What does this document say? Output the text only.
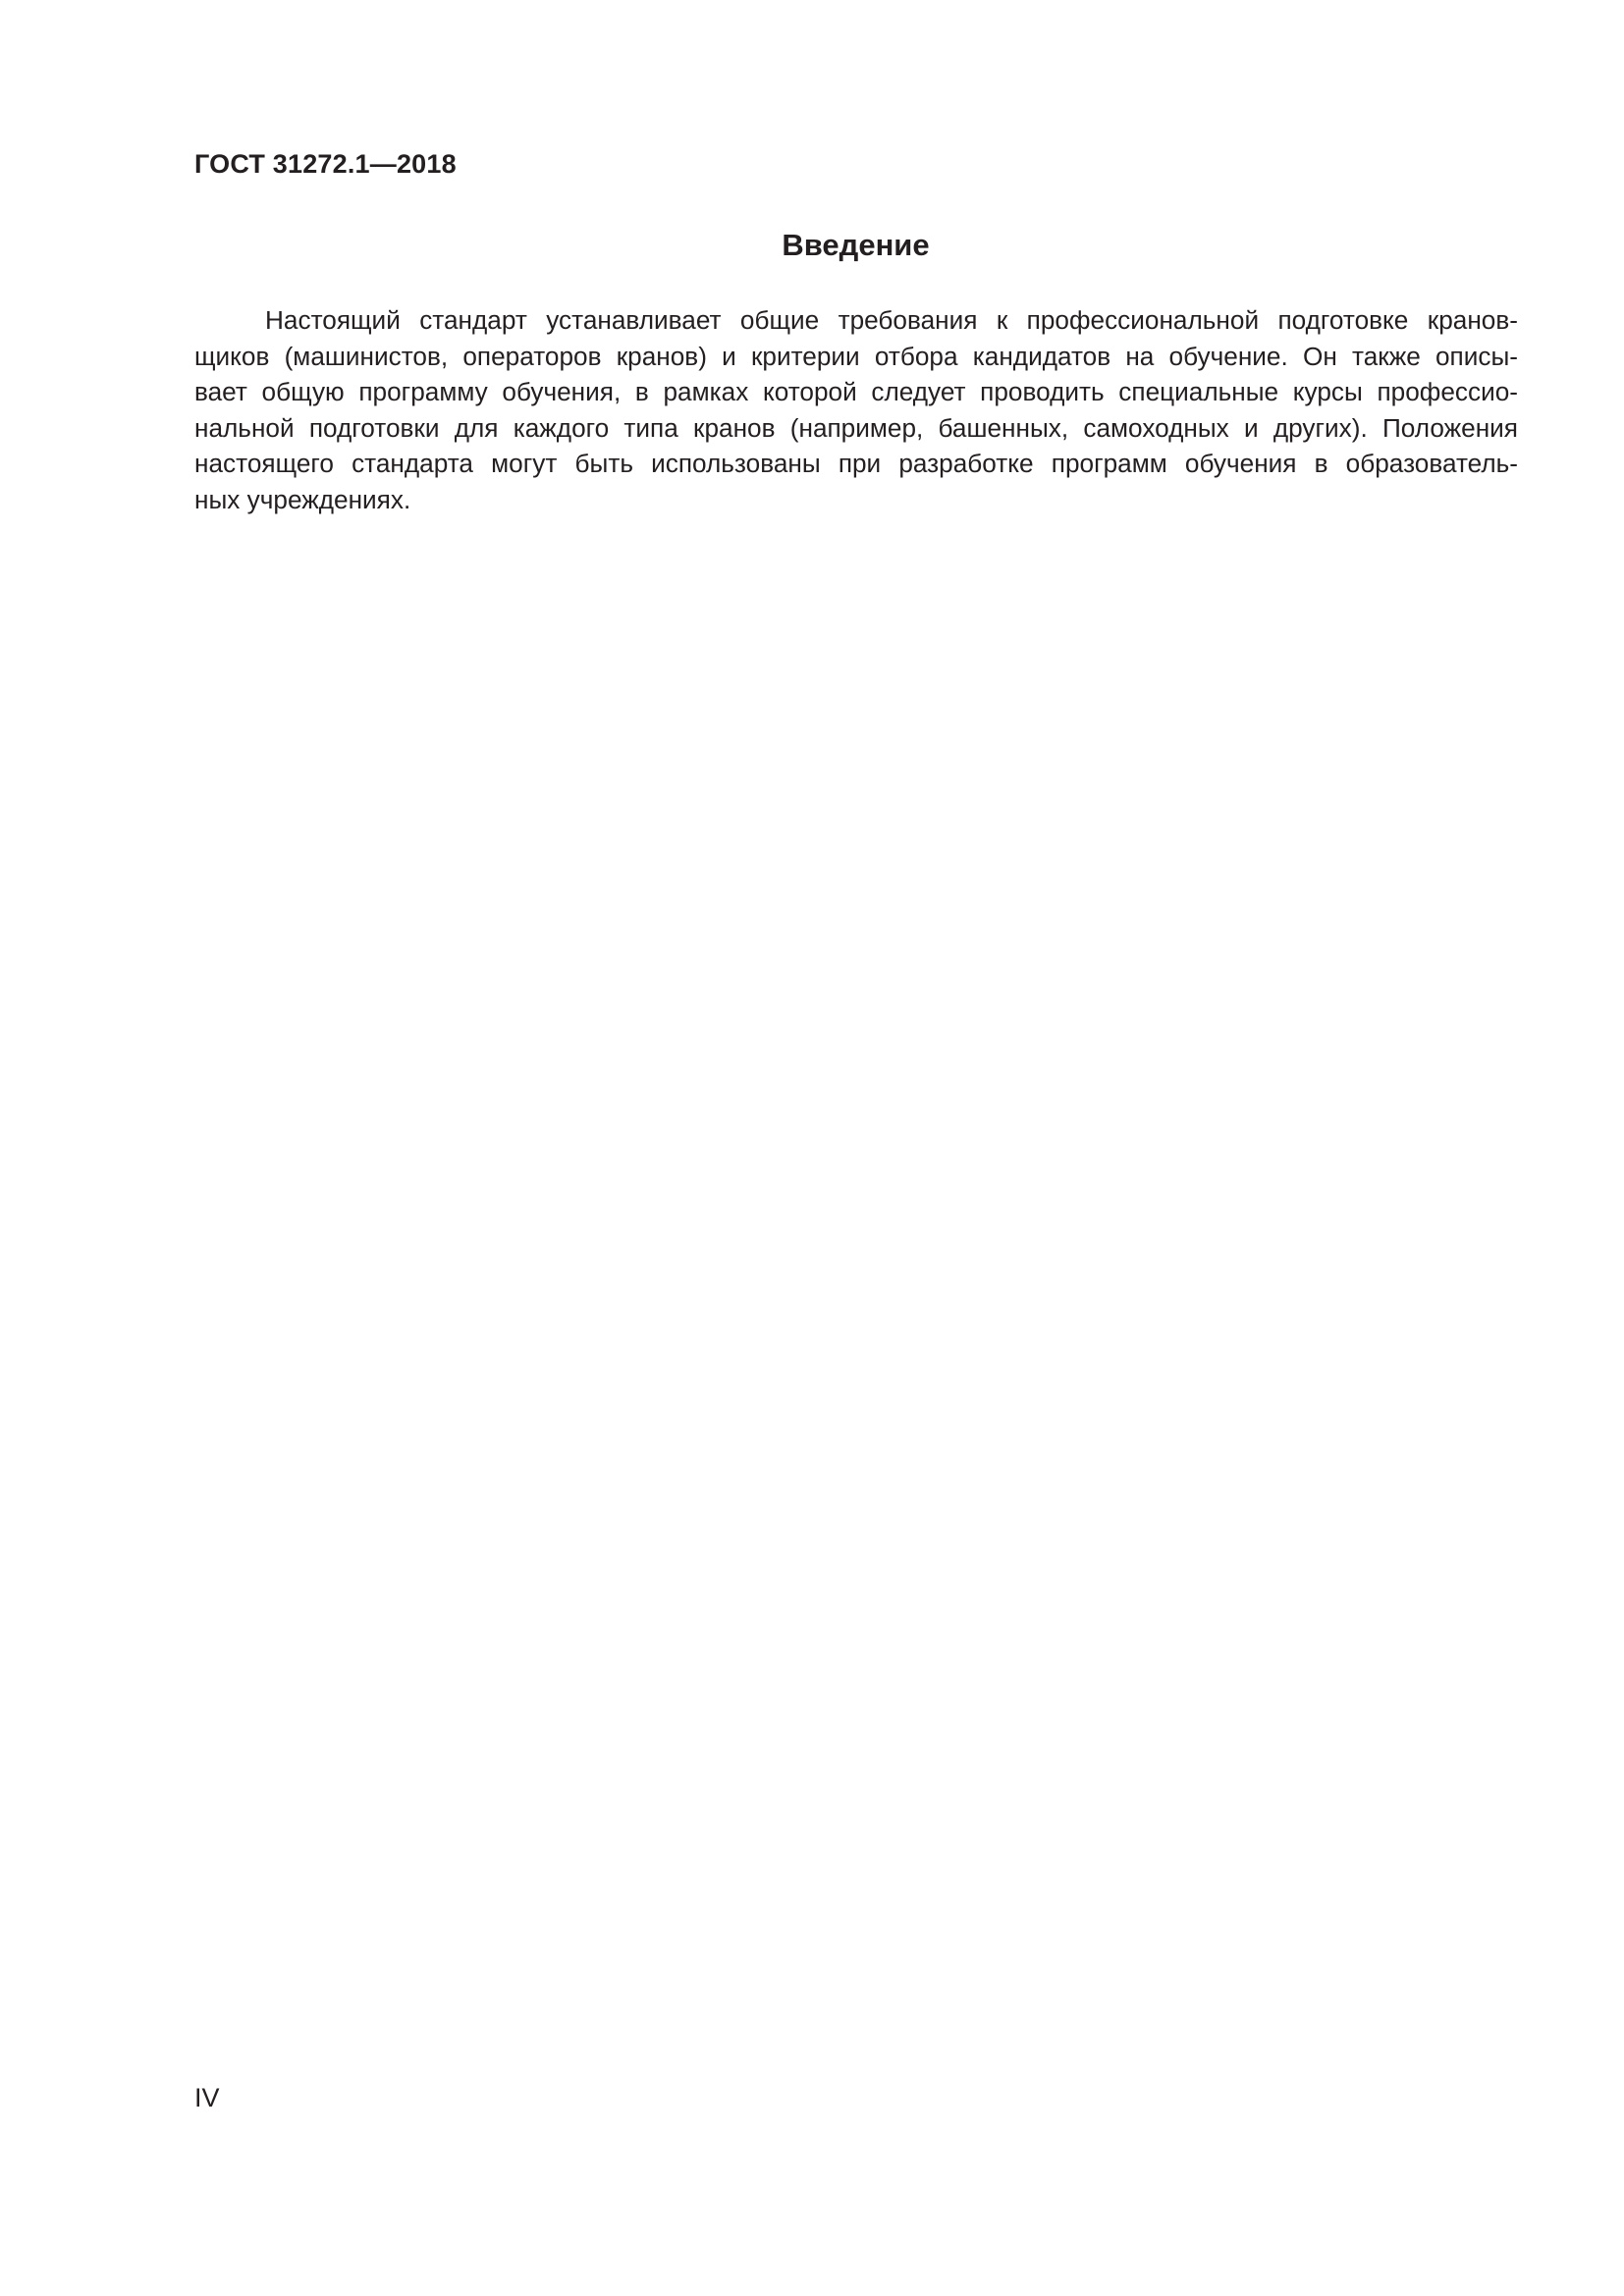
ГОСТ 31272.1—2018
Введение
Настоящий стандарт устанавливает общие требования к профессиональной подготовке кранов-
щиков (машинистов, операторов кранов) и критерии отбора кандидатов на обучение. Он также описы-
вает общую программу обучения, в рамках которой следует проводить специальные курсы профессио-
нальной подготовки для каждого типа кранов (например, башенных, самоходных и других). Положения
настоящего стандарта могут быть использованы при разработке программ обучения в образователь-
ных учреждениях.
IV
